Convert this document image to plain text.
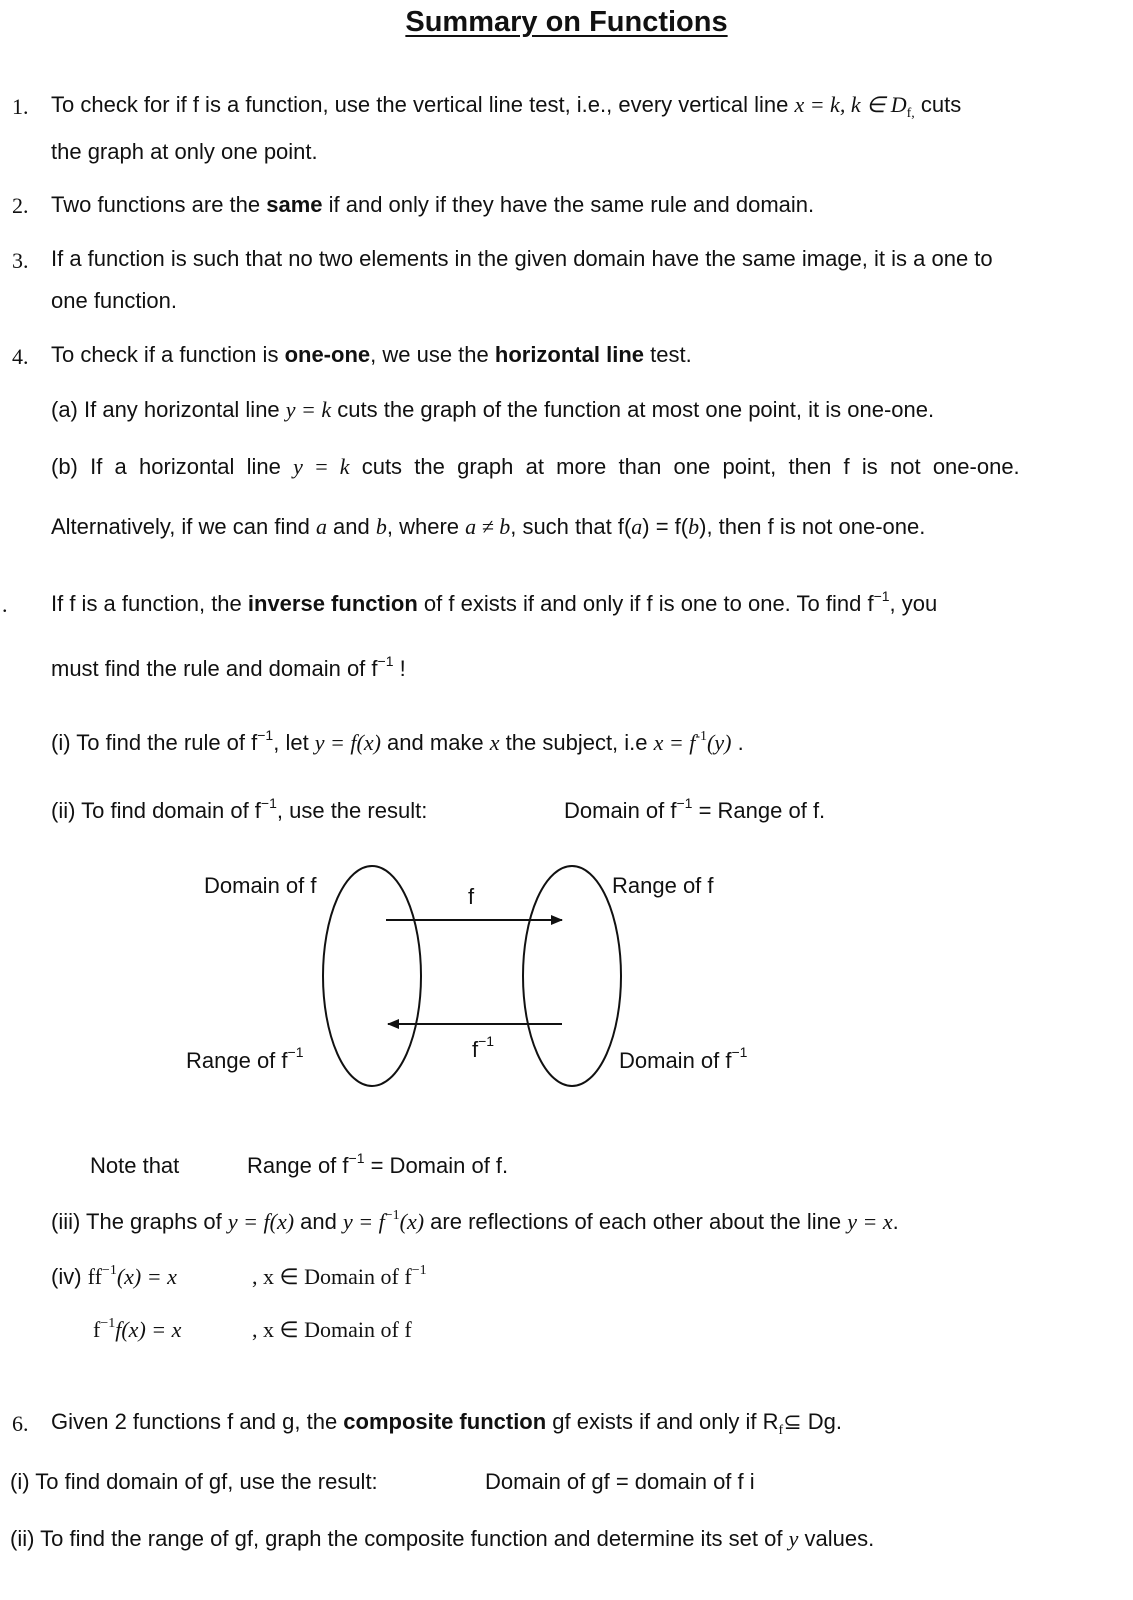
Summary on Functions
1. To check for if f is a function, use the vertical line test, i.e., every vertical line x = k, k ∈ $D_{f,}$ cuts
the graph at only one point.
2. Two functions are the same if and only if they have the same rule and domain.
3. If a function is such that no two elements in the given domain have the same image, it is a one to
one function.
4. To check if a function is one-one, we use the horizontal line test.
(a) If any horizontal line y = k cuts the graph of the function at most one point, it is one-one.
(b)  If  a  horizontal  line  y  =  k  cuts  the  graph  at  more  than  one  point,  then  f  is  not  one-one.
Alternatively, if we can find a and b, where a ≠ b, such that f(a) = f(b), then f is not one-one.
. If f is a function, the inverse function of f exists if and only if f is one to one. To find $f^{-1}$, you
must find the rule and domain of $f^{-1}$ !
(i) To find the rule of $f^{-1}$, let y = f(x) and make x the subject, i.e $x = f^{-1}(y)$ .
(ii) To find domain of $f^{-1}$, use the result:	Domain of $f^{-1}$ = Range of f.
Domain of f	Range of f
f
$f^{-1}$
Range of $f^{-1}$	Domain of $f^{-1}$
Note that	Range of $f^{-1}$ = Domain of f.
(iii) The graphs of y = f(x) and $y = f^{-1}(x)$ are reflections of each other about the line y = x.
(iv) $ff^{-1}(x) = x$	, x ∈ Domain of $f^{-1}$
$f^{-1}f(x) = x$	, x ∈ Domain of f
6. Given 2 functions f and g, the composite function gf exists if and only if $R_f⊆$ Dg.
(i) To find domain of gf, use the result:	Domain of gf = domain of f i
(ii) To find the range of gf, graph the composite function and determine its set of y values.
